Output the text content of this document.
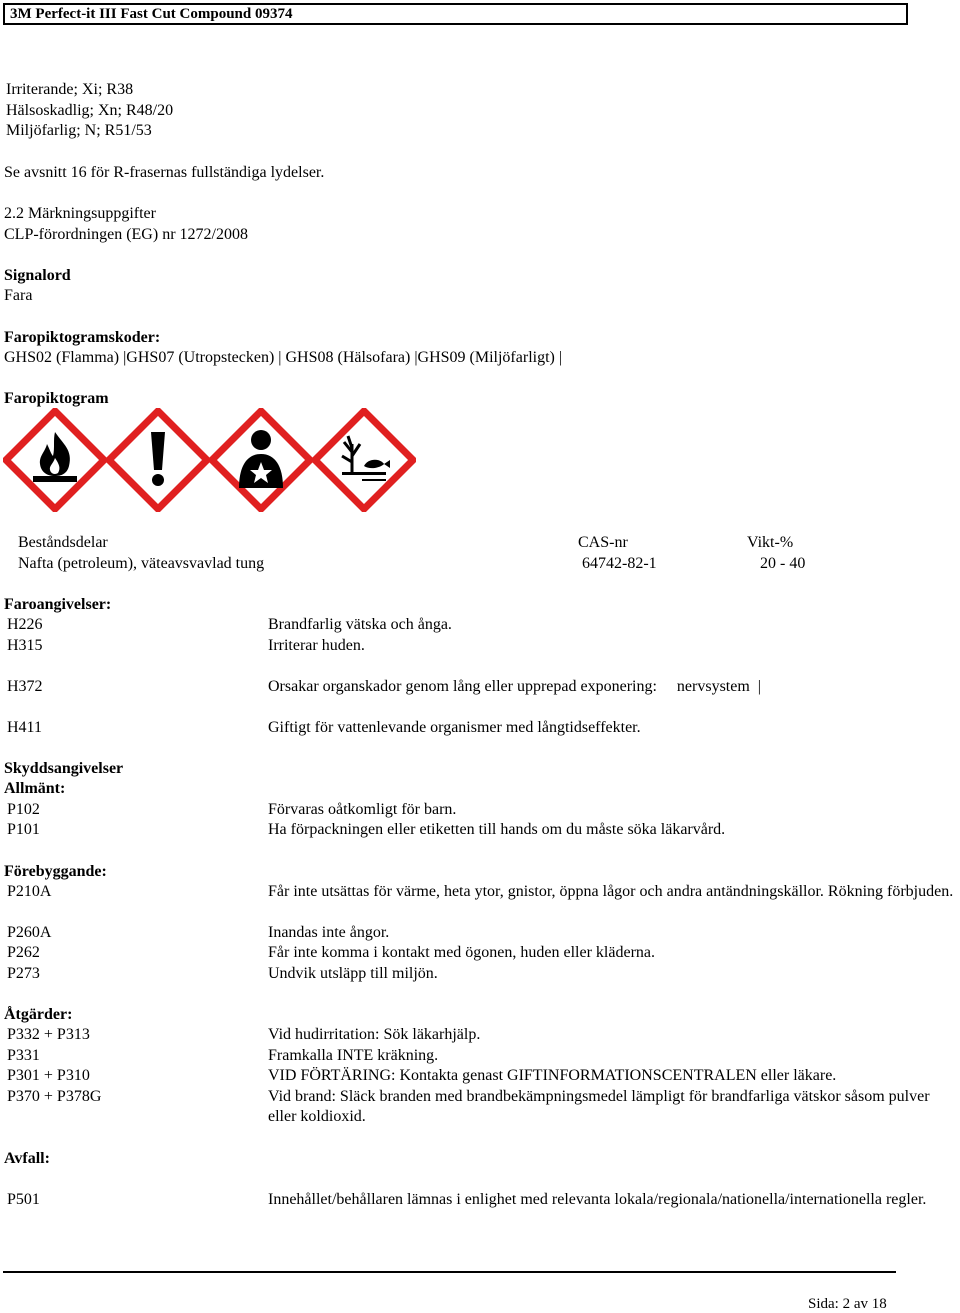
3M Perfect-it III Fast Cut Compound 09374
Irriterande; Xi; R38
Hälsoskadlig; Xn; R48/20
Miljöfarlig; N; R51/53
Se avsnitt 16 för R-frasernas fullständiga lydelser.
2.2 Märkningsuppgifter
CLP-förordningen (EG) nr 1272/2008
Signalord
Fara
Faropiktogramskoder:
GHS02 (Flamma) |GHS07 (Utropstecken) | GHS08 (Hälsofara) |GHS09 (Miljöfarligt) |
Faropiktogram
Beståndsdelar	CAS-nr	Vikt-%
Nafta (petroleum), väteavsvavlad tung	64742-82-1	20 - 40
Faroangivelser:
H226	Brandfarlig vätska och ånga.
H315	Irriterar huden.
H372	Orsakar organskador genom lång eller upprepad exponering:     nervsystem  |
H411	Giftigt för vattenlevande organismer med långtidseffekter.
Skyddsangivelser
Allmänt:
P102	Förvaras oåtkomligt för barn.
P101	Ha förpackningen eller etiketten till hands om du måste söka läkarvård.
Förebyggande:
P210A	Får inte utsättas för värme, heta ytor, gnistor, öppna lågor och andra antändningskällor. Rökning förbjuden.
P260A	Inandas inte ångor.
P262	Får inte komma i kontakt med ögonen, huden eller kläderna.
P273	Undvik utsläpp till miljön.
Åtgärder:
P332 + P313	Vid hudirritation: Sök läkarhjälp.
P331	Framkalla INTE kräkning.
P301 + P310	VID FÖRTÄRING: Kontakta genast GIFTINFORMATIONSCENTRALEN eller läkare.
P370 + P378G	Vid brand: Släck branden med brandbekämpningsmedel lämpligt för brandfarliga vätskor såsom pulver eller koldioxid.
Avfall:
P501	Innehållet/behållaren lämnas i enlighet med relevanta lokala/regionala/nationella/internationella regler.
Sida: 2 av 18
